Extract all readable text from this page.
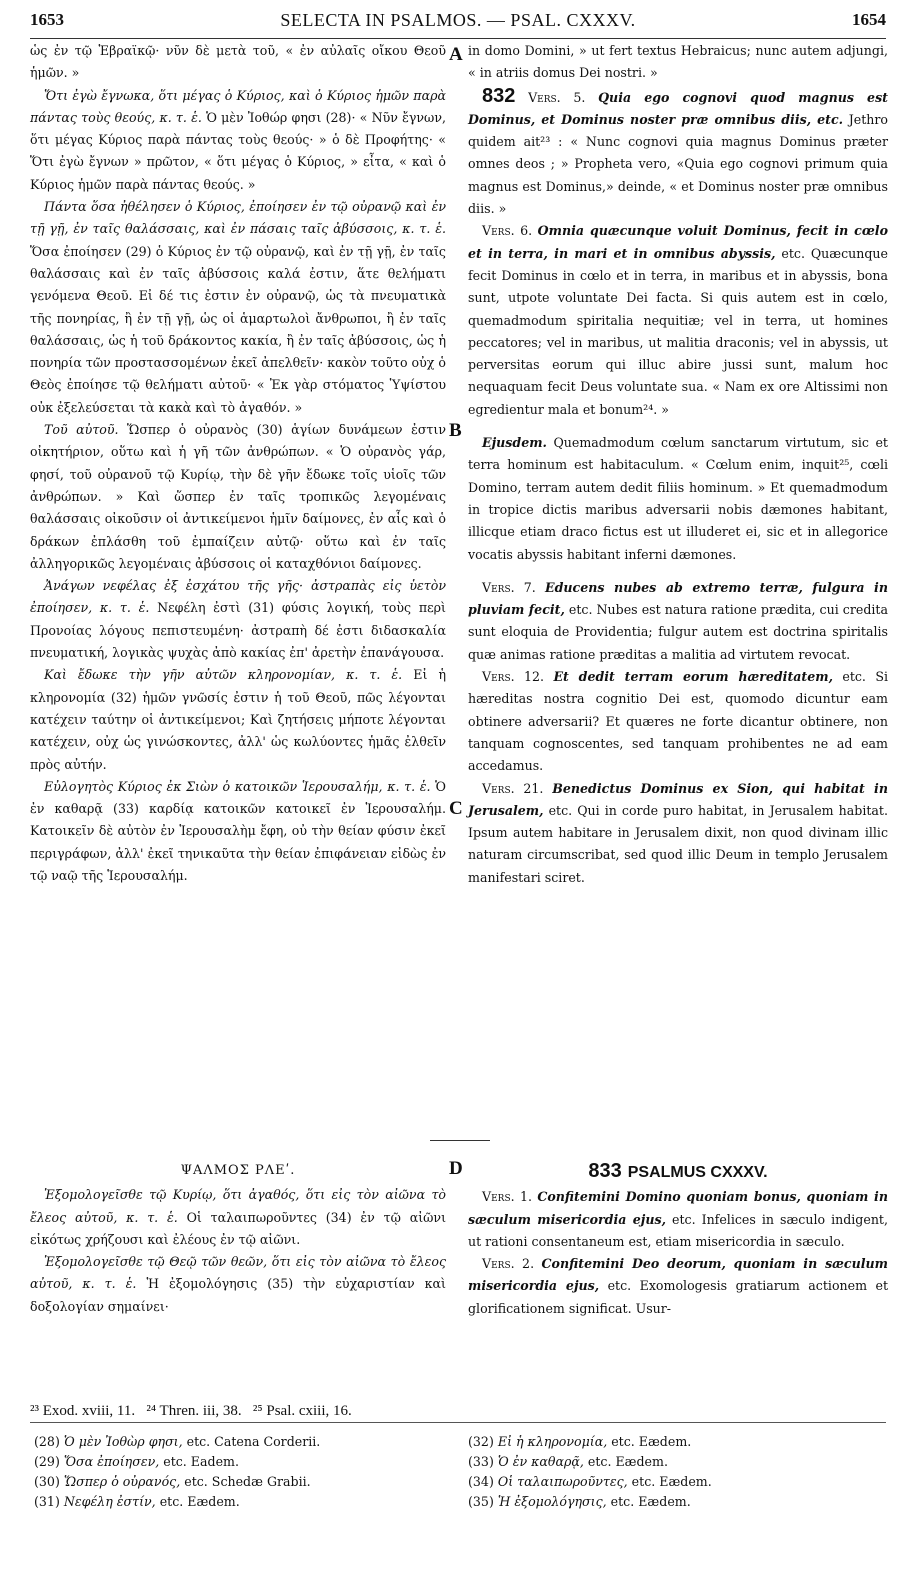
1653	SELECTA IN PSALMOS. — PSAL. CXXXV.	1654
A
B
C
D

ὡς ἐν τῷ Ἑβραϊκῷ· νῦν δὲ μετὰ τοῦ, « ἐν αὐλαῖς οἴκου Θεοῦ ἡμῶν. »

Ὅτι ἐγὼ ἔγνωκα, ὅτι μέγας ὁ Κύριος, καὶ ὁ Κύριος ἡμῶν παρὰ πάντας τοὺς θεούς, κ. τ. ἑ. Ὁ μὲν Ἰοθώρ φησι (28)· « Νῦν ἔγνων, ὅτι μέγας Κύριος παρὰ πάντας τοὺς θεούς· » ὁ δὲ Προφήτης· « Ὅτι ἐγὼ ἔγνων » πρῶτον, « ὅτι μέγας ὁ Κύριος, » εἶτα, « καὶ ὁ Κύριος ἡμῶν παρὰ πάντας θεούς. »

Πάντα ὅσα ἠθέλησεν ὁ Κύριος, ἐποίησεν ἐν τῷ οὐρανῷ καὶ ἐν τῇ γῇ, ἐν ταῖς θαλάσσαις, καὶ ἐν πάσαις ταῖς ἀβύσσοις, κ. τ. ἑ. Ὅσα ἐποίησεν (29) ὁ Κύριος ἐν τῷ οὐρανῷ, καὶ ἐν τῇ γῇ, ἐν ταῖς θαλάσσαις καὶ ἐν ταῖς ἀβύσσοις καλά ἐστιν, ἅτε θελήματι γενόμενα Θεοῦ. Εἰ δέ τις ἐστιν ἐν οὐρανῷ, ὡς τὰ πνευματικὰ τῆς πονηρίας, ἢ ἐν τῇ γῇ, ὡς οἱ ἁμαρτωλοὶ ἄνθρωποι, ἢ ἐν ταῖς θαλάσσαις, ὡς ἡ τοῦ δράκοντος κακία, ἢ ἐν ταῖς ἀβύσσοις, ὡς ἡ πονηρία τῶν προστασσομένων ἐκεῖ ἀπελθεῖν· κακὸν τοῦτο οὐχ ὁ Θεὸς ἐποίησε τῷ θελήματι αὐτοῦ· « Ἐκ γὰρ στόματος Ὑψίστου οὐκ ἐξελεύσεται τὰ κακὰ καὶ τὸ ἀγαθόν. »

Τοῦ αὐτοῦ. Ὥσπερ ὁ οὐρανὸς (30) ἁγίων δυνάμεων ἐστιν οἰκητήριον, οὕτω καὶ ἡ γῆ τῶν ἀνθρώπων. « Ὁ οὐρανὸς γάρ, φησί, τοῦ οὐρανοῦ τῷ Κυρίῳ, τὴν δὲ γῆν ἔδωκε τοῖς υἱοῖς τῶν ἀνθρώπων. » Καὶ ὥσπερ ἐν ταῖς τροπικῶς λεγομέναις θαλάσσαις οἰκοῦσιν οἱ ἀντικείμενοι ἡμῖν δαίμονες, ἐν αἷς καὶ ὁ δράκων ἐπλάσθη τοῦ ἐμπαίζειν αὐτῷ· οὕτω καὶ ἐν ταῖς ἀλληγορικῶς λεγομέναις ἀβύσσοις οἱ καταχθόνιοι δαίμονες.

Ἀνάγων νεφέλας ἐξ ἐσχάτου τῆς γῆς· ἀστραπὰς εἰς ὑετὸν ἐποίησεν, κ. τ. ἑ. Νεφέλη ἐστὶ (31) φύσις λογική, τοὺς περὶ Προνοίας λόγους πεπιστευμένη· ἀστραπὴ δέ ἐστι διδασκαλία πνευματική, λογικὰς ψυχὰς ἀπὸ κακίας ἐπ' ἀρετὴν ἐπανάγουσα.

Καὶ ἔδωκε τὴν γῆν αὐτῶν κληρονομίαν, κ. τ. ἑ. Εἰ ἡ κληρονομία (32) ἡμῶν γνῶσίς ἐστιν ἡ τοῦ Θεοῦ, πῶς λέγονται κατέχειν ταύτην οἱ ἀντικείμενοι; Καὶ ζητήσεις μήποτε λέγονται κατέχειν, οὐχ ὡς γινώσκοντες, ἀλλ' ὡς κωλύοντες ἡμᾶς ἐλθεῖν πρὸς αὐτήν.

Εὐλογητὸς Κύριος ἐκ Σιὼν ὁ κατοικῶν Ἱερουσαλήμ, κ. τ. ἑ. Ὁ ἐν καθαρᾷ (33) καρδίᾳ κατοικῶν κατοικεῖ ἐν Ἱερουσαλήμ. Κατοικεῖν δὲ αὐτὸν ἐν Ἱερουσαλὴμ ἔφη, οὐ τὴν θείαν φύσιν ἐκεῖ περιγράφων, ἀλλ' ἐκεῖ τηνικαῦτα τὴν θείαν ἐπιφάνειαν εἰδὼς ἐν τῷ ναῷ τῆς Ἱερουσαλήμ.

in domo Domini, » ut fert textus Hebraicus; nunc autem adjungi, « in atriis domus Dei nostri. »

832 Vers. 5. Quia ego cognovi quod magnus est Dominus, et Dominus noster præ omnibus diis, etc. Jethro quidem ait²³ : « Nunc cognovi quia magnus Dominus præter omnes deos ; » Propheta vero, «Quia ego cognovi primum quia magnus est Dominus,» deinde, « et Dominus noster præ omnibus diis. »

Vers. 6. Omnia quæcunque voluit Dominus, fecit in cœlo et in terra, in mari et in omnibus abyssis, etc. Quæcunque fecit Dominus in cœlo et in terra, in maribus et in abyssis, bona sunt, utpote voluntate Dei facta. Si quis autem est in cœlo, quemadmodum spiritalia nequitiæ; vel in terra, ut homines peccatores; vel in maribus, ut malitia draconis; vel in abyssis, ut perversitas eorum qui illuc abire jussi sunt, malum hoc nequaquam fecit Deus voluntate sua. « Nam ex ore Altissimi non egredientur mala et bonum²⁴. »

Ejusdem. Quemadmodum cœlum sanctarum virtutum, sic et terra hominum est habitaculum. « Cœlum enim, inquit²⁵, cœli Domino, terram autem dedit filiis hominum. » Et quemadmodum in tropice dictis maribus adversarii nobis dæmones habitant, illicque etiam draco fictus est ut illuderet ei, sic et in allegorice vocatis abyssis habitant inferni dæmones.

Vers. 7. Educens nubes ab extremo terræ, fulgura in pluviam fecit, etc. Nubes est natura ratione prædita, cui credita sunt eloquia de Providentia; fulgur autem est doctrina spiritalis quæ animas ratione præditas a malitia ad virtutem revocat.

Vers. 12. Et dedit terram eorum hæreditatem, etc. Si hæreditas nostra cognitio Dei est, quomodo dicuntur eam obtinere adversarii? Et quæres ne forte dicantur obtinere, non tanquam cognoscentes, sed tanquam prohibentes ne ad eam accedamus.

Vers. 21. Benedictus Dominus ex Sion, qui habitat in Jerusalem, etc. Qui in corde puro habitat, in Jerusalem habitat. Ipsum autem habitare in Jerusalem dixit, non quod divinam illic naturam circumscribat, sed quod illic Deum in templo Jerusalem manifestari sciret.

ΨΑΛΜΟΣ ΡΛΕʹ.

Ἐξομολογεῖσθε τῷ Κυρίῳ, ὅτι ἀγαθός, ὅτι εἰς τὸν αἰῶνα τὸ ἔλεος αὐτοῦ, κ. τ. ἑ. Οἱ ταλαιπωροῦντες (34) ἐν τῷ αἰῶνι εἰκότως χρήζουσι καὶ ἐλέους ἐν τῷ αἰῶνι.

Ἐξομολογεῖσθε τῷ Θεῷ τῶν θεῶν, ὅτι εἰς τὸν αἰῶνα τὸ ἔλεος αὐτοῦ, κ. τ. ἑ. Ἡ ἐξομολόγησις (35) τὴν εὐχαριστίαν καὶ δοξολογίαν σημαίνει·

833 PSALMUS CXXXV.

Vers. 1. Confitemini Domino quoniam bonus, quoniam in sæculum misericordia ejus, etc. Infelices in sæculo indigent, ut rationi consentaneum est, etiam misericordia in sæculo.

Vers. 2. Confitemini Deo deorum, quoniam in sæculum misericordia ejus, etc. Exomologesis gratiarum actionem et glorificationem significat. Usur-

²³ Exod. xviii, 11.   ²⁴ Thren. iii, 38.   ²⁵ Psal. cxiii, 16.
(28) Ὁ μὲν Ἰοθὼρ φησι, etc. Catena Corderii.
(29) Ὅσα ἐποίησεν, etc. Eadem.
(30) Ὥσπερ ὁ οὐρανός, etc. Schedæ Grabii.
(31) Νεφέλη ἐστίν, etc. Eædem.
(32) Εἰ ἡ κληρονομία, etc. Eædem.
(33) Ὁ ἐν καθαρᾷ, etc. Eædem.
(34) Οἱ ταλαιπωροῦντες, etc. Eædem.
(35) Ἡ ἐξομολόγησις, etc. Eædem.
